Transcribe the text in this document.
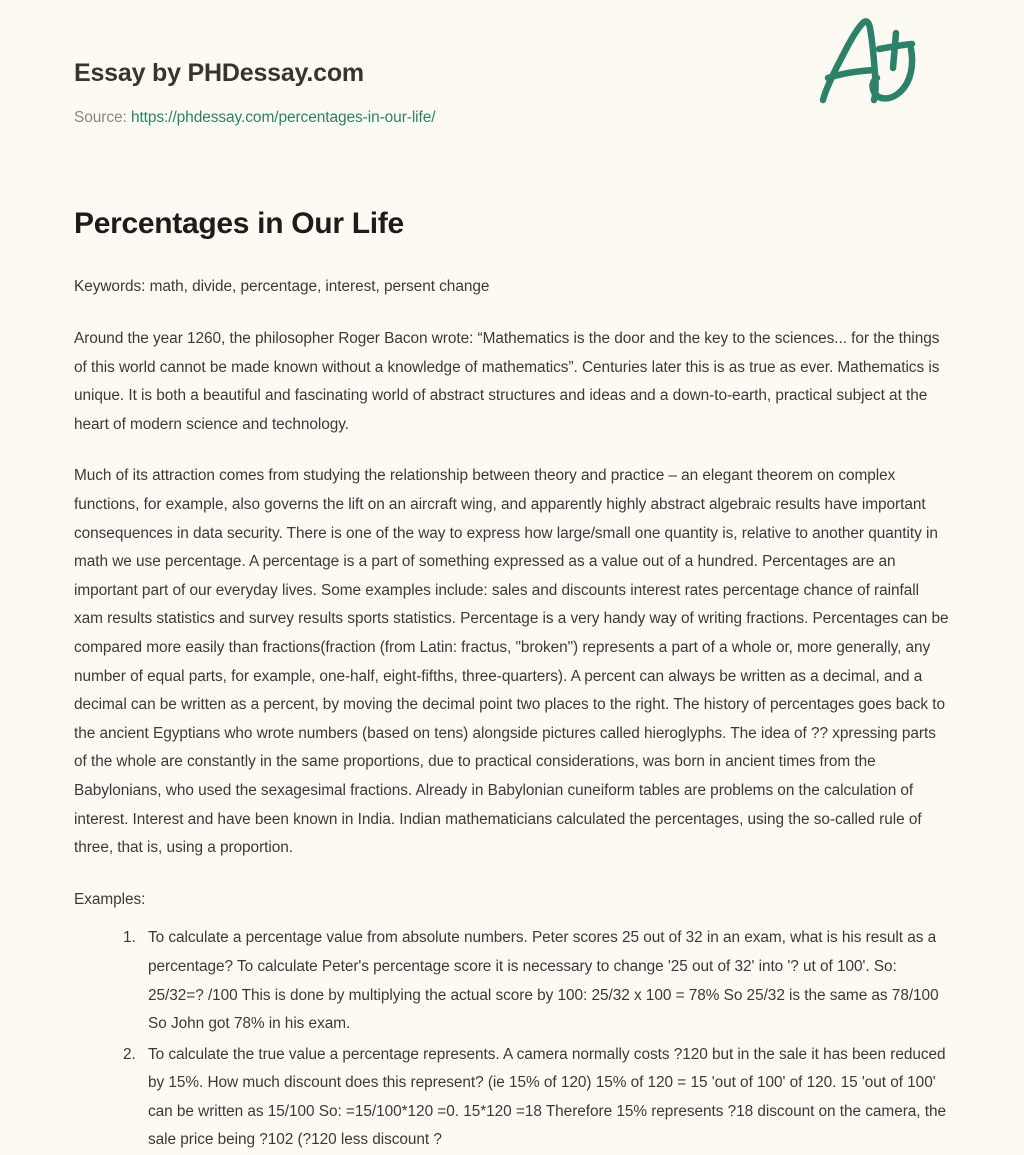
Essay by PHDessay.com
Source: https://phdessay.com/percentages-in-our-life/
Percentages in Our Life

Keywords: math, divide, percentage, interest, persent change

Around the year 1260, the philosopher Roger Bacon wrote: “Mathematics is the door and the key to the sciences... for the things of this world cannot be made known without a knowledge of mathematics”. Centuries later this is as true as ever. Mathematics is unique. It is both a beautiful and fascinating world of abstract structures and ideas and a down-to-earth, practical subject at the heart of modern science and technology.

Much of its attraction comes from studying the relationship between theory and practice – an elegant theorem on complex functions, for example, also governs the lift on an aircraft wing, and apparently highly abstract algebraic results have important consequences in data security. There is one of the way to express how large/small one quantity is, relative to another quantity in math we use percentage. A percentage is a part of something expressed as a value out of a hundred. Percentages are an important part of our everyday lives. Some examples include: sales and discounts interest rates percentage chance of rainfall xam results statistics and survey results sports statistics. Percentage is a very handy way of writing fractions. Percentages can be compared more easily than fractions(fraction (from Latin: fractus, "broken") represents a part of a whole or, more generally, any number of equal parts, for example, one-half, eight-fifths, three-quarters). A percent can always be written as a decimal, and a decimal can be written as a percent, by moving the decimal point two places to the right. The history of percentages goes back to the ancient Egyptians who wrote numbers (based on tens) alongside pictures called hieroglyphs. The idea of ?? xpressing parts of the whole are constantly in the same proportions, due to practical considerations, was born in ancient times from the Babylonians, who used the sexagesimal fractions. Already in Babylonian cuneiform tables are problems on the calculation of interest. Interest and have been known in India. Indian mathematicians calculated the percentages, using the so-called rule of three, that is, using a proportion.

Examples:

1. To calculate a percentage value from absolute numbers. Peter scores 25 out of 32 in an exam, what is his result as a percentage? To calculate Peter's percentage score it is necessary to change '25 out of 32' into '? ut of 100'. So: 25/32=? /100 This is done by multiplying the actual score by 100: 25/32 x 100 = 78% So 25/32 is the same as 78/100 So John got 78% in his exam.
2. To calculate the true value a percentage represents. A camera normally costs ?120 but in the sale it has been reduced by 15%. How much discount does this represent? (ie 15% of 120) 15% of 120 = 15 'out of 100' of 120. 15 'out of 100' can be written as 15/100 So: =15/100*120 =0. 15*120 =18 Therefore 15% represents ?18 discount on the camera, the sale price being ?102 (?120 less discount ?
